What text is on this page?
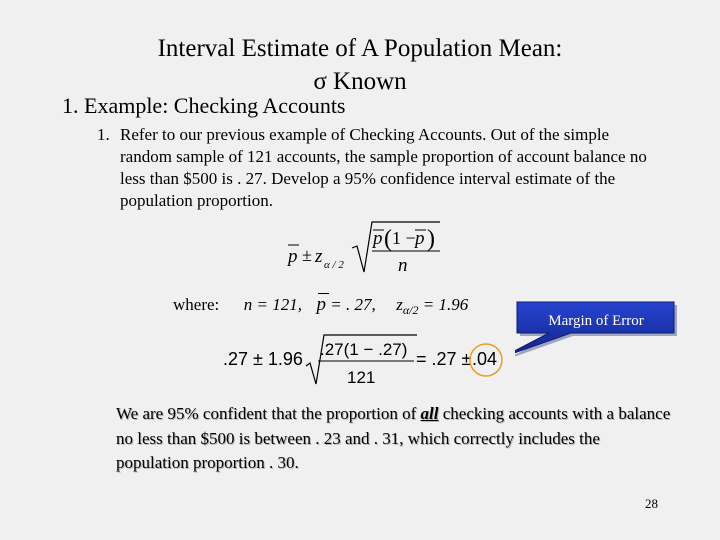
Interval Estimate of A Population Mean:
σ Known
1. Example: Checking Accounts
1. Refer to our previous example of Checking Accounts. Out of the simple random sample of 121 accounts, the sample proportion of account balance no less than $500 is . 27. Develop a 95% confidence interval estimate of the population proportion.
p ± z α / 2
p ( 1 − p )
n
where: n = 121, p = . 27, $z_{\alpha/2} = 1.96$
Margin of Error
.27 ± 1.96 .27(1 − .27)
121
= .27 ± .04
We are 95% confident that the proportion of all checking accounts with a balance no less than $500 is between . 23 and . 31, which correctly includes the population proportion . 30.
28
